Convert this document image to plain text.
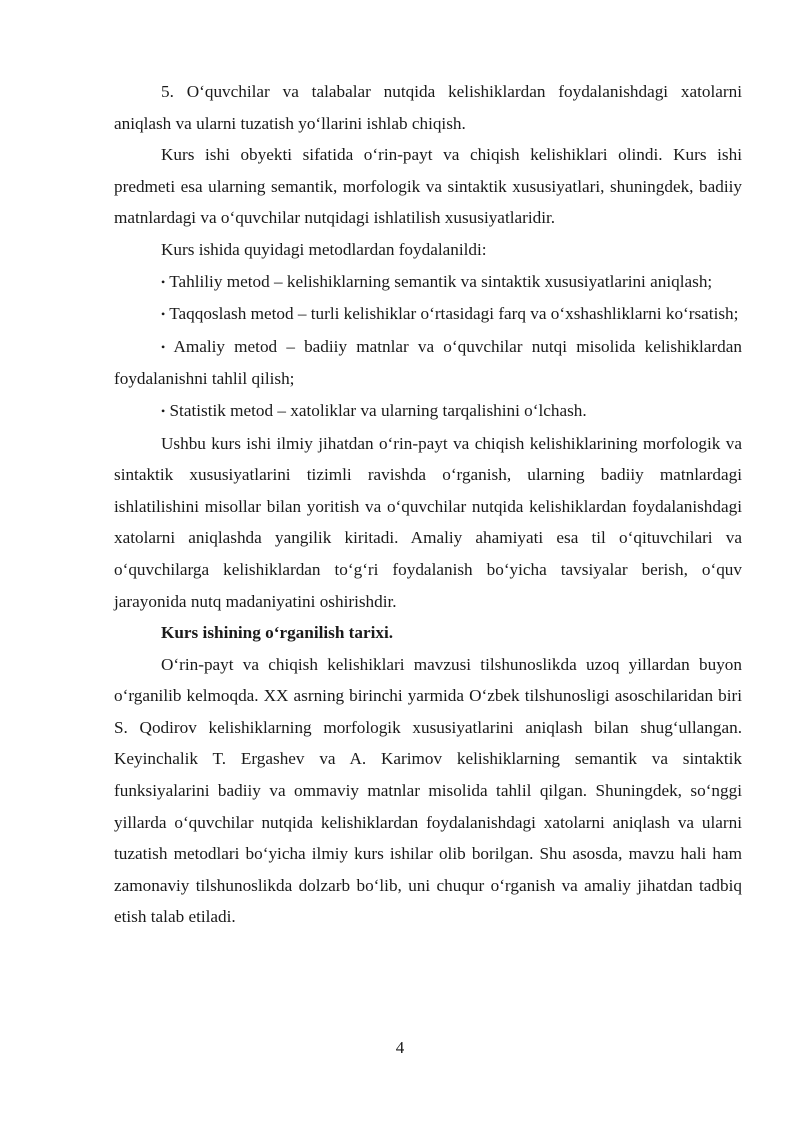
5. O‘quvchilar va talabalar nutqida kelishiklardan foydalanishdagi xatolarni aniqlash va ularni tuzatish yo‘llarini ishlab chiqish.

Kurs ishi obyekti sifatida o‘rin-payt va chiqish kelishiklari olindi. Kurs ishi predmeti esa ularning semantik, morfologik va sintaktik xususiyatlari, shuningdek, badiiy matnlardagi va o‘quvchilar nutqidagi ishlatilish xususiyatlaridir.

Kurs ishida quyidagi metodlardan foydalanildi:

• Tahliliy metod – kelishiklarning semantik va sintaktik xususiyatlarini aniqlash;

• Taqqoslash metod – turli kelishiklar o‘rtasidagi farq va o‘xshashliklarni ko‘rsatish;

• Amaliy metod – badiiy matnlar va o‘quvchilar nutqi misolida kelishiklardan foydalanishni tahlil qilish;

• Statistik metod – xatoliklar va ularning tarqalishini o‘lchash.

Ushbu kurs ishi ilmiy jihatdan o‘rin-payt va chiqish kelishiklarining morfologik va sintaktik xususiyatlarini tizimli ravishda o‘rganish, ularning badiiy matnlardagi ishlatilishini misollar bilan yoritish va o‘quvchilar nutqida kelishiklardan foydalanishdagi xatolarni aniqlashda yangilik kiritadi. Amaliy ahamiyati esa til o‘qituvchilari va o‘quvchilarga kelishiklardan to‘g‘ri foydalanish bo‘yicha tavsiyalar berish, o‘quv jarayonida nutq madaniyatini oshirishdir.

Kurs ishining o‘rganilish tarixi.

O‘rin-payt va chiqish kelishiklari mavzusi tilshunoslikda uzoq yillardan buyon o‘rganilib kelmoqda. XX asrning birinchi yarmida O‘zbek tilshunosligi asoschilaridan biri S. Qodirov kelishiklarning morfologik xususiyatlarini aniqlash bilan shug‘ullangan. Keyinchalik T. Ergashev va A. Karimov kelishiklarning semantik va sintaktik funksiyalarini badiiy va ommaviy matnlar misolida tahlil qilgan. Shuningdek, so‘nggi yillarda o‘quvchilar nutqida kelishiklardan foydalanishdagi xatolarni aniqlash va ularni tuzatish metodlari bo‘yicha ilmiy kurs ishilar olib borilgan. Shu asosda, mavzu hali ham zamonaviy tilshunoslikda dolzarb bo‘lib, uni chuqur o‘rganish va amaliy jihatdan tadbiq etish talab etiladi.

4
